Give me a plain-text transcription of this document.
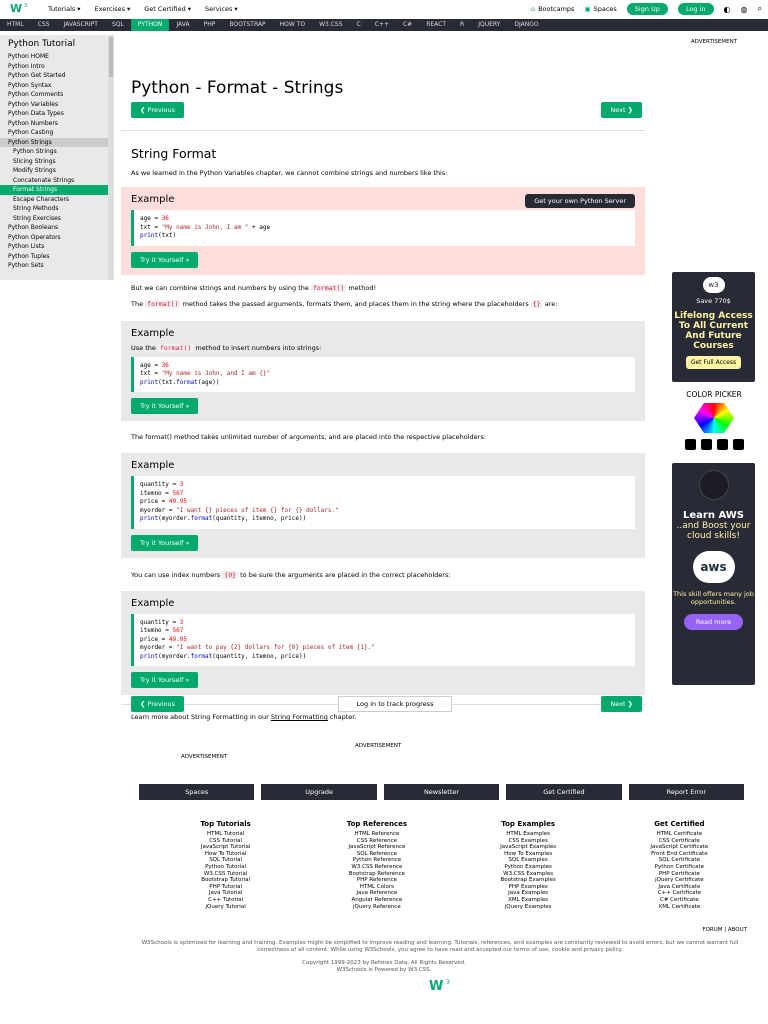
W 3	Tutorials ▾ Exercises ▾ Get Certified ▾ Services ▾	⌂ Bootcamps ▣ Spaces	Sign Up	Log in	◐ ◍ ⌕
HTML	CSS	JAVASCRIPT	SQL	PYTHON	JAVA	PHP	BOOTSTRAP	HOW TO	W3.CSS	C	C++	C#	REACT	R	JQUERY	DJANGO
Python Tutorial
Python HOME
Python Intro
Python Get Started
Python Syntax
Python Comments
Python Variables
Python Data Types
Python Numbers
Python Casting
Python Strings
Python Strings
Slicing Strings
Modify Strings
Concatenate Strings
Format Strings
Escape Characters
String Methods
String Exercises
Python Booleans
Python Operators
Python Lists
Python Tuples
Python Sets
Python - Format - Strings
❮ Previous	Next ❯
String Format

As we learned in the Python Variables chapter, we cannot combine strings and numbers like this:

Example	Get your own Python Server
age = 36
txt = "My name is John, I am " + age
print(txt)
Try it Yourself »

But we can combine strings and numbers by using the format() method!

The format() method takes the passed arguments, formats them, and places them in the string where the placeholders {} are:

Example
Use the format() method to insert numbers into strings:
age = 36
txt = "My name is John, and I am {}"
print(txt.format(age))
Try it Yourself »

The format() method takes unlimited number of arguments, and are placed into the respective placeholders:

Example
quantity = 3
itemno = 567
price = 49.95
myorder = "I want {} pieces of item {} for {} dollars."
print(myorder.format(quantity, itemno, price))
Try it Yourself »

You can use index numbers {0} to be sure the arguments are placed in the correct placeholders:

Example
quantity = 3
itemno = 567
price = 49.95
myorder = "I want to pay {2} dollars for {0} pieces of item {1}."
print(myorder.format(quantity, itemno, price))
Try it Yourself »

Learn more about String Formatting in our String Formatting chapter.

❮ Previous	Log in to track progress	Next ❯
ADVERTISEMENT
w3
Save 770$
Lifelong Access To All Current And Future Courses
Get Full Access
COLOR PICKER
Learn AWS
..and Boost your cloud skills!
aws
This skill offers many job opportunities.
Read more
ADVERTISEMENT
ADVERTISEMENT
Spaces	Upgrade	Newsletter	Get Certified	Report Error
Top Tutorials
HTML Tutorial
CSS Tutorial
JavaScript Tutorial
How To Tutorial
SQL Tutorial
Python Tutorial
W3.CSS Tutorial
Bootstrap Tutorial
PHP Tutorial
Java Tutorial
C++ Tutorial
jQuery Tutorial
Top References
HTML Reference
CSS Reference
JavaScript Reference
SQL Reference
Python Reference
W3.CSS Reference
Bootstrap Reference
PHP Reference
HTML Colors
Java Reference
Angular Reference
jQuery Reference
Top Examples
HTML Examples
CSS Examples
JavaScript Examples
How To Examples
SQL Examples
Python Examples
W3.CSS Examples
Bootstrap Examples
PHP Examples
Java Examples
XML Examples
jQuery Examples
Get Certified
HTML Certificate
CSS Certificate
JavaScript Certificate
Front End Certificate
SQL Certificate
Python Certificate
PHP Certificate
jQuery Certificate
Java Certificate
C++ Certificate
C# Certificate
XML Certificate
FORUM | ABOUT
W3Schools is optimized for learning and training. Examples might be simplified to improve reading and learning. Tutorials, references, and examples are constantly reviewed to avoid errors, but we cannot warrant full correctness of all content. While using W3Schools, you agree to have read and accepted our terms of use, cookie and privacy policy.
Copyright 1999-2023 by Refsnes Data. All Rights Reserved.
W3Schools is Powered by W3.CSS.
W 3
